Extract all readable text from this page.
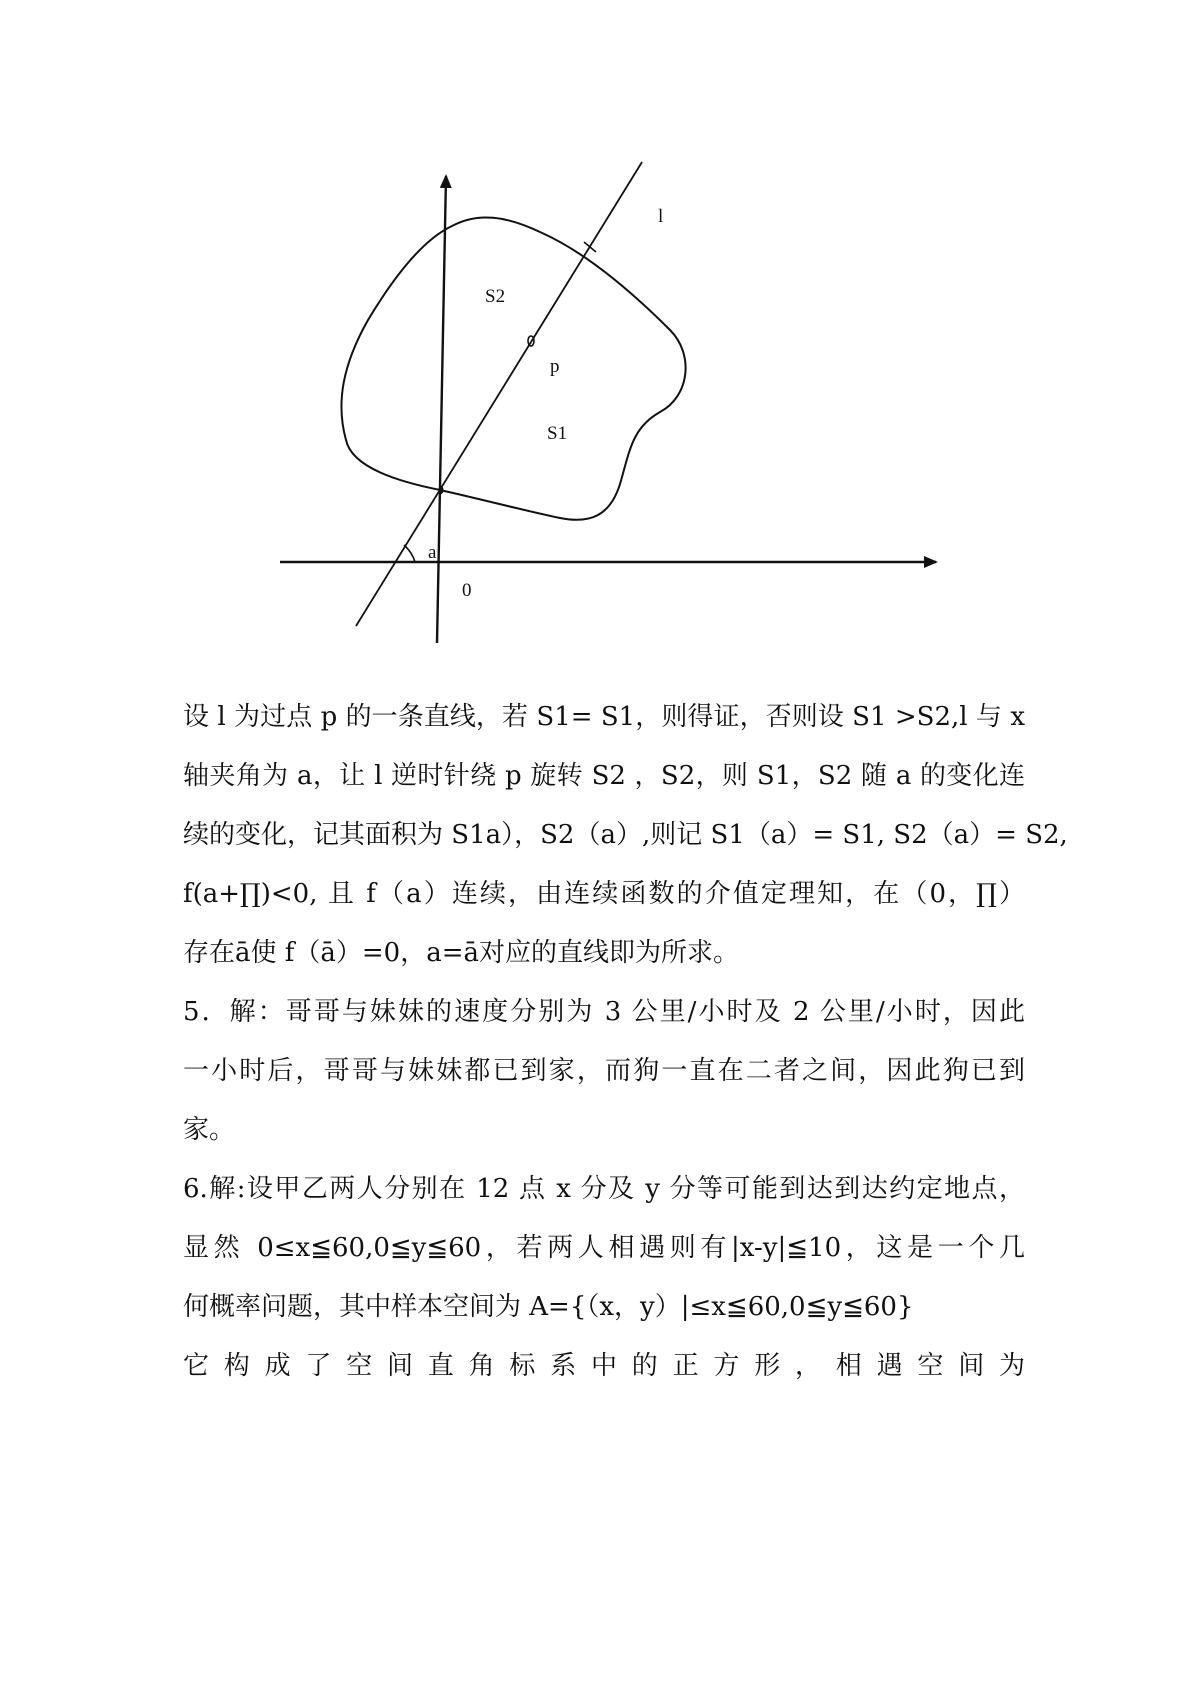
l
S2
p
S1
a
0
设 l 为过点 p 的一条直线，若 S1= S1，则得证，否则设 S1 >S2,l 与 x
轴夹角为 a，让 l 逆时针绕 p 旋转 S2 ，S2，则 S1，S2 随 a 的变化连
续的变化，记其面积为 S1a），S2（a）,则记 S1（a）= S1, S2（a）= S2,
f(a+∏)<0, 且 f（a）连续，由连续函数的介值定理知，在（0，∏）
存在ā使 f（ā）=0，a=ā对应的直线即为所求。
5．解：哥哥与妹妹的速度分别为 3 公里/小时及 2 公里/小时，因此
一小时后，哥哥与妹妹都已到家，而狗一直在二者之间，因此狗已到
家。
6.解:设甲乙两人分别在 12 点 x 分及 y 分等可能到达到达约定地点，
显然 0≤x≦60,0≦y≦60，若两人相遇则有|x-y|≦10，这是一个几
何概率问题，其中样本空间为 A={（x，y）|≤x≦60,0≦y≦60}
它 构 成 了 空 间 直 角 标 系 中 的 正 方 形 ， 相 遇 空 间 为
